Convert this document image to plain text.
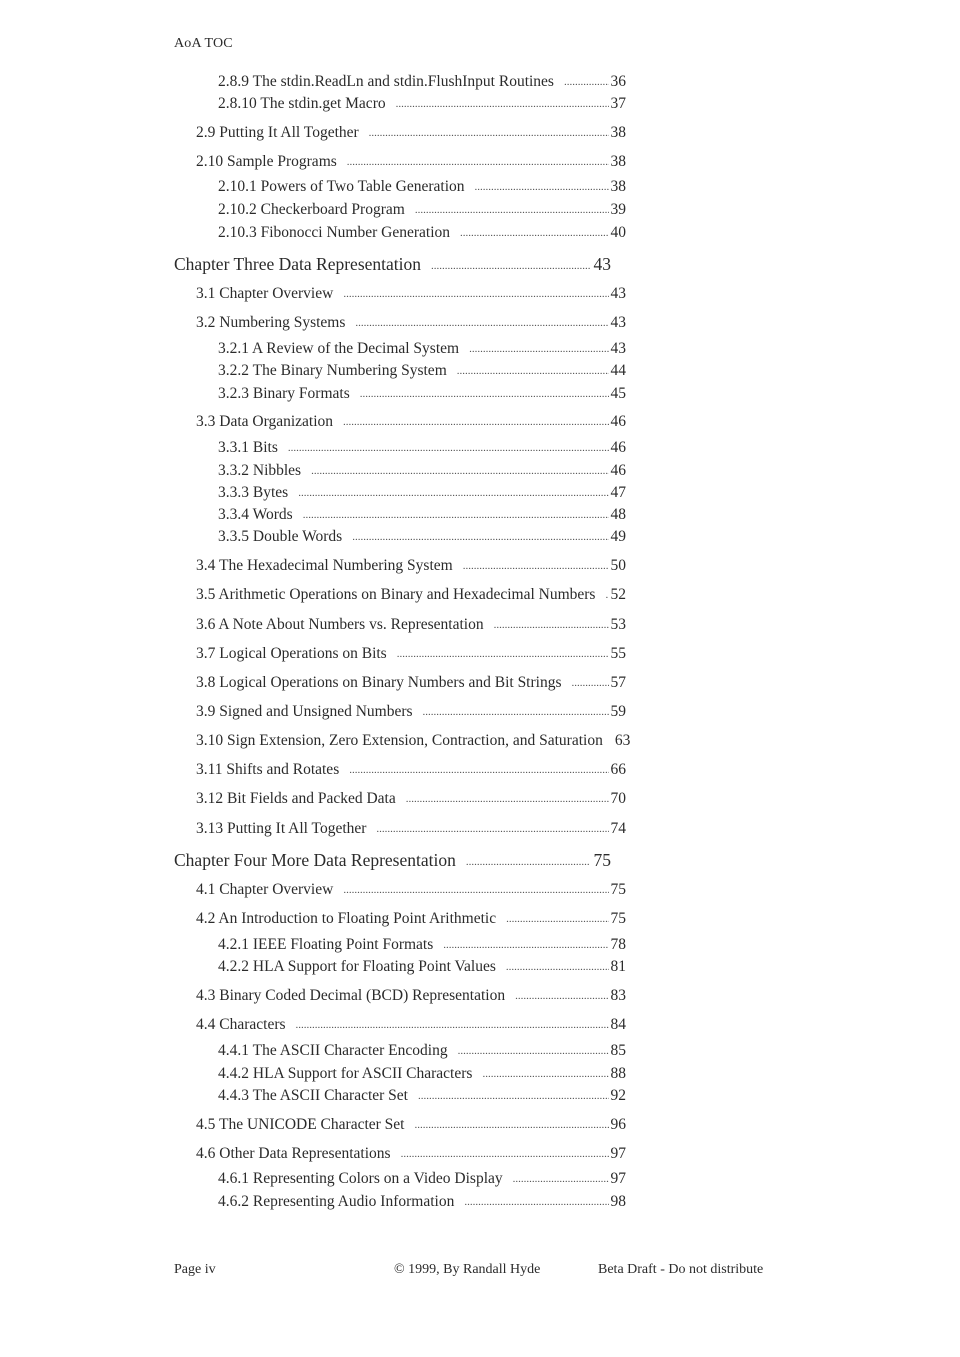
AoA TOC
2.8.9 The stdin.ReadLn and stdin.FlushInput Routines .....	36
2.8.10 The stdin.get Macro .....	37
2.9 Putting It All Together .....	38
2.10 Sample Programs .....	38
2.10.1 Powers of Two Table Generation .....	38
2.10.2 Checkerboard Program .....	39
2.10.3 Fibonocci Number Generation .....	40
Chapter Three Data Representation .....	43
3.1 Chapter Overview .....	43
3.2 Numbering Systems .....	43
3.2.1 A Review of the Decimal System .....	43
3.2.2 The Binary Numbering System .....	44
3.2.3 Binary Formats .....	45
3.3 Data Organization .....	46
3.3.1 Bits .....	46
3.3.2 Nibbles .....	46
3.3.3 Bytes .....	47
3.3.4 Words .....	48
3.3.5 Double Words .....	49
3.4 The Hexadecimal Numbering System .....	50
3.5 Arithmetic Operations on Binary and Hexadecimal Numbers ..... 52
3.6 A Note About Numbers vs. Representation .....	53
3.7 Logical Operations on Bits .....	55
3.8 Logical Operations on Binary Numbers and Bit Strings .....	57
3.9 Signed and Unsigned Numbers .....	59
3.10 Sign Extension, Zero Extension, Contraction, and Saturation 63
3.11 Shifts and Rotates .....	66
3.12 Bit Fields and Packed Data .....	70
3.13 Putting It All Together .....	74
Chapter Four More Data Representation .....	75
4.1 Chapter Overview .....	75
4.2 An Introduction to Floating Point Arithmetic .....	75
4.2.1 IEEE Floating Point Formats .....	78
4.2.2 HLA Support for Floating Point Values .....	81
4.3 Binary Coded Decimal (BCD) Representation .....	83
4.4 Characters .....	84
4.4.1 The ASCII Character Encoding .....	85
4.4.2 HLA Support for ASCII Characters .....	88
4.4.3 The ASCII Character Set .....	92
4.5 The UNICODE Character Set .....	96
4.6 Other Data Representations .....	97
4.6.1 Representing Colors on a Video Display .....	97
4.6.2 Representing Audio Information .....	98
Page iv	© 1999, By Randall Hyde	Beta Draft - Do not distribute
